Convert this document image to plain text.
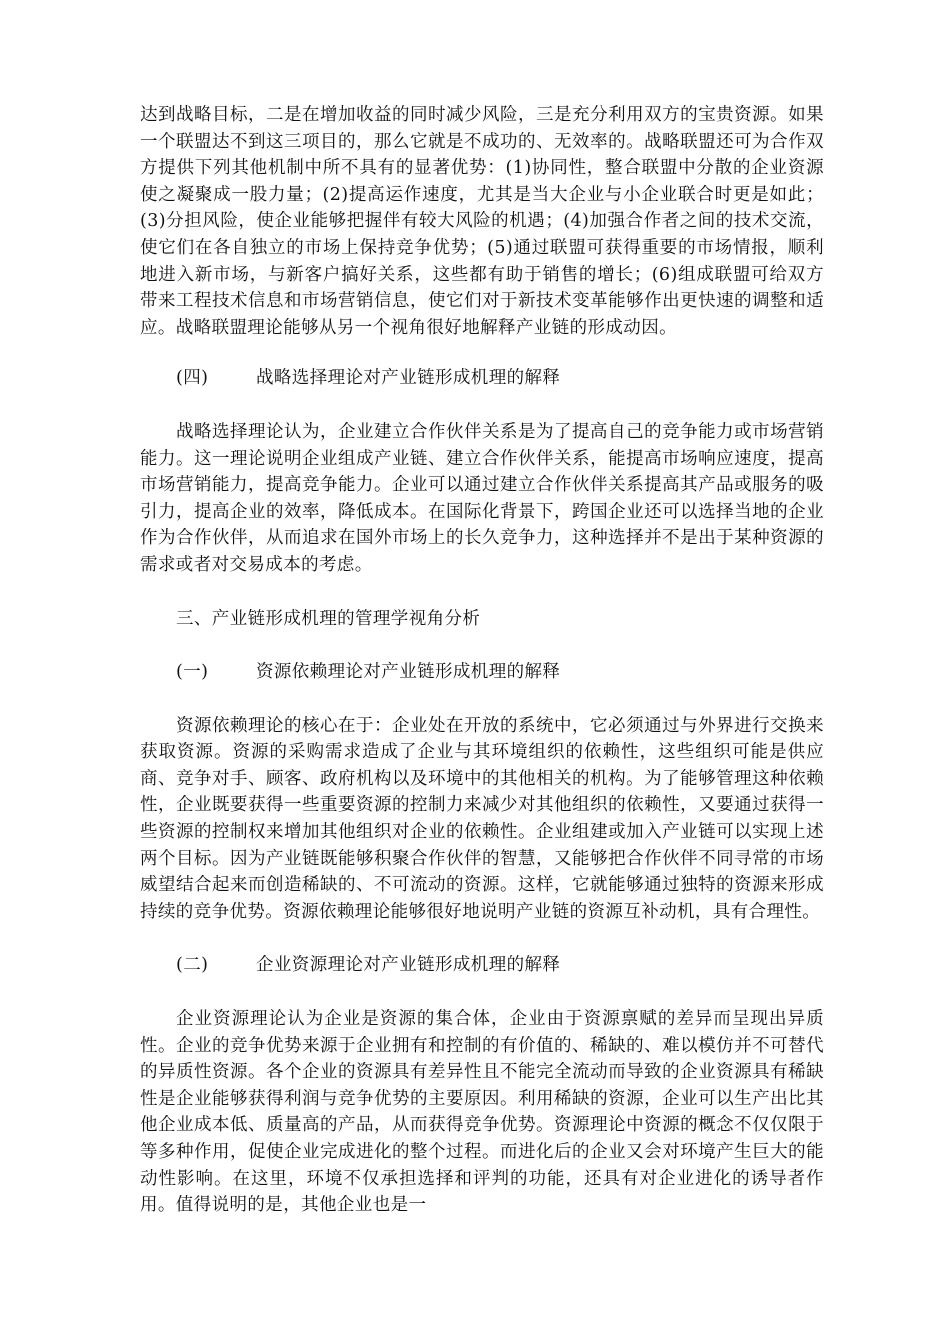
达到战略目标，二是在增加收益的同时减少风险，三是充分利用双方的宝贵资源。如果一个联盟达不到这三项目的，那么它就是不成功的、无效率的。战略联盟还可为合作双方提供下列其他机制中所不具有的显著优势：(1)协同性，整合联盟中分散的企业资源使之凝聚成一股力量；(2)提高运作速度，尤其是当大企业与小企业联合时更是如此；(3)分担风险，使企业能够把握伴有较大风险的机遇；(4)加强合作者之间的技术交流，使它们在各自独立的市场上保持竞争优势；(5)通过联盟可获得重要的市场情报，顺利地进入新市场，与新客户搞好关系，这些都有助于销售的增长；(6)组成联盟可给双方带来工程技术信息和市场营销信息，使它们对于新技术变革能够作出更快速的调整和适应。战略联盟理论能够从另一个视角很好地解释产业链的形成动因。

(四)	战略选择理论对产业链形成机理的解释

战略选择理论认为，企业建立合作伙伴关系是为了提高自己的竞争能力或市场营销能力。这一理论说明企业组成产业链、建立合作伙伴关系，能提高市场响应速度，提高市场营销能力，提高竞争能力。企业可以通过建立合作伙伴关系提高其产品或服务的吸引力，提高企业的效率，降低成本。在国际化背景下，跨国企业还可以选择当地的企业作为合作伙伴，从而追求在国外市场上的长久竞争力，这种选择并不是出于某种资源的需求或者对交易成本的考虑。

三、产业链形成机理的管理学视角分析

(一)	资源依赖理论对产业链形成机理的解释

资源依赖理论的核心在于：企业处在开放的系统中，它必须通过与外界进行交换来获取资源。资源的采购需求造成了企业与其环境组织的依赖性，这些组织可能是供应商、竞争对手、顾客、政府机构以及环境中的其他相关的机构。为了能够管理这种依赖性，企业既要获得一些重要资源的控制力来减少对其他组织的依赖性，又要通过获得一些资源的控制权来增加其他组织对企业的依赖性。企业组建或加入产业链可以实现上述两个目标。因为产业链既能够积聚合作伙伴的智慧，又能够把合作伙伴不同寻常的市场威望结合起来而创造稀缺的、不可流动的资源。这样，它就能够通过独特的资源来形成持续的竞争优势。资源依赖理论能够很好地说明产业链的资源互补动机，具有合理性。

(二)	企业资源理论对产业链形成机理的解释

企业资源理论认为企业是资源的集合体，企业由于资源禀赋的差异而呈现出异质性。企业的竞争优势来源于企业拥有和控制的有价值的、稀缺的、难以模仿并不可替代的异质性资源。各个企业的资源具有差异性且不能完全流动而导致的企业资源具有稀缺性是企业能够获得利润与竞争优势的主要原因。利用稀缺的资源，企业可以生产出比其他企业成本低、质量高的产品，从而获得竞争优势。资源理论中资源的概念不仅仅限于等多种作用，促使企业完成进化的整个过程。而进化后的企业又会对环境产生巨大的能动性影响。在这里，环境不仅承担选择和评判的功能，还具有对企业进化的诱导者作用。值得说明的是，其他企业也是一
